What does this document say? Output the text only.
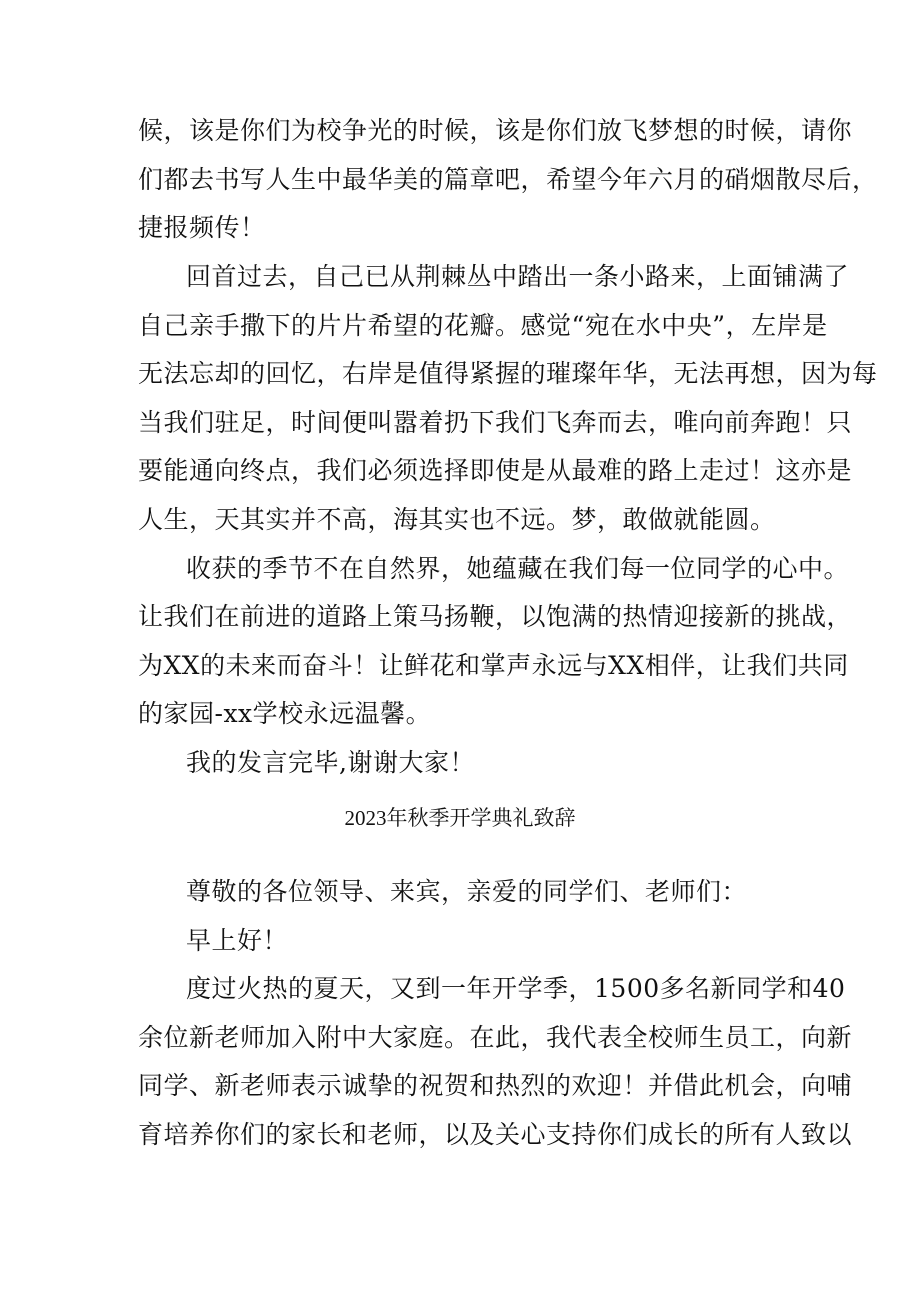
候，该是你们为校争光的时候，该是你们放飞梦想的时候，请你
们都去书写人生中最华美的篇章吧，希望今年六月的硝烟散尽后，
捷报频传！
回首过去，自己已从荆棘丛中踏出一条小路来，上面铺满了
自己亲手撒下的片片希望的花瓣。感觉“宛在水中央”，左岸是
无法忘却的回忆，右岸是值得紧握的璀璨年华，无法再想，因为每
当我们驻足，时间便叫嚣着扔下我们飞奔而去，唯向前奔跑！只
要能通向终点，我们必须选择即使是从最难的路上走过！这亦是
人生，天其实并不高，海其实也不远。梦，敢做就能圆。
收获的季节不在自然界，她蕴藏在我们每一位同学的心中。
让我们在前进的道路上策马扬鞭，以饱满的热情迎接新的挑战，
为XX的未来而奋斗！让鲜花和掌声永远与XX相伴，让我们共同
的家园-xx学校永远温馨。
我的发言完毕,谢谢大家！
2023年秋季开学典礼致辞
尊敬的各位领导、来宾，亲爱的同学们、老师们：
早上好！
度过火热的夏天，又到一年开学季，1500多名新同学和40
余位新老师加入附中大家庭。在此，我代表全校师生员工，向新
同学、新老师表示诚挚的祝贺和热烈的欢迎！并借此机会，向哺
育培养你们的家长和老师，以及关心支持你们成长的所有人致以
